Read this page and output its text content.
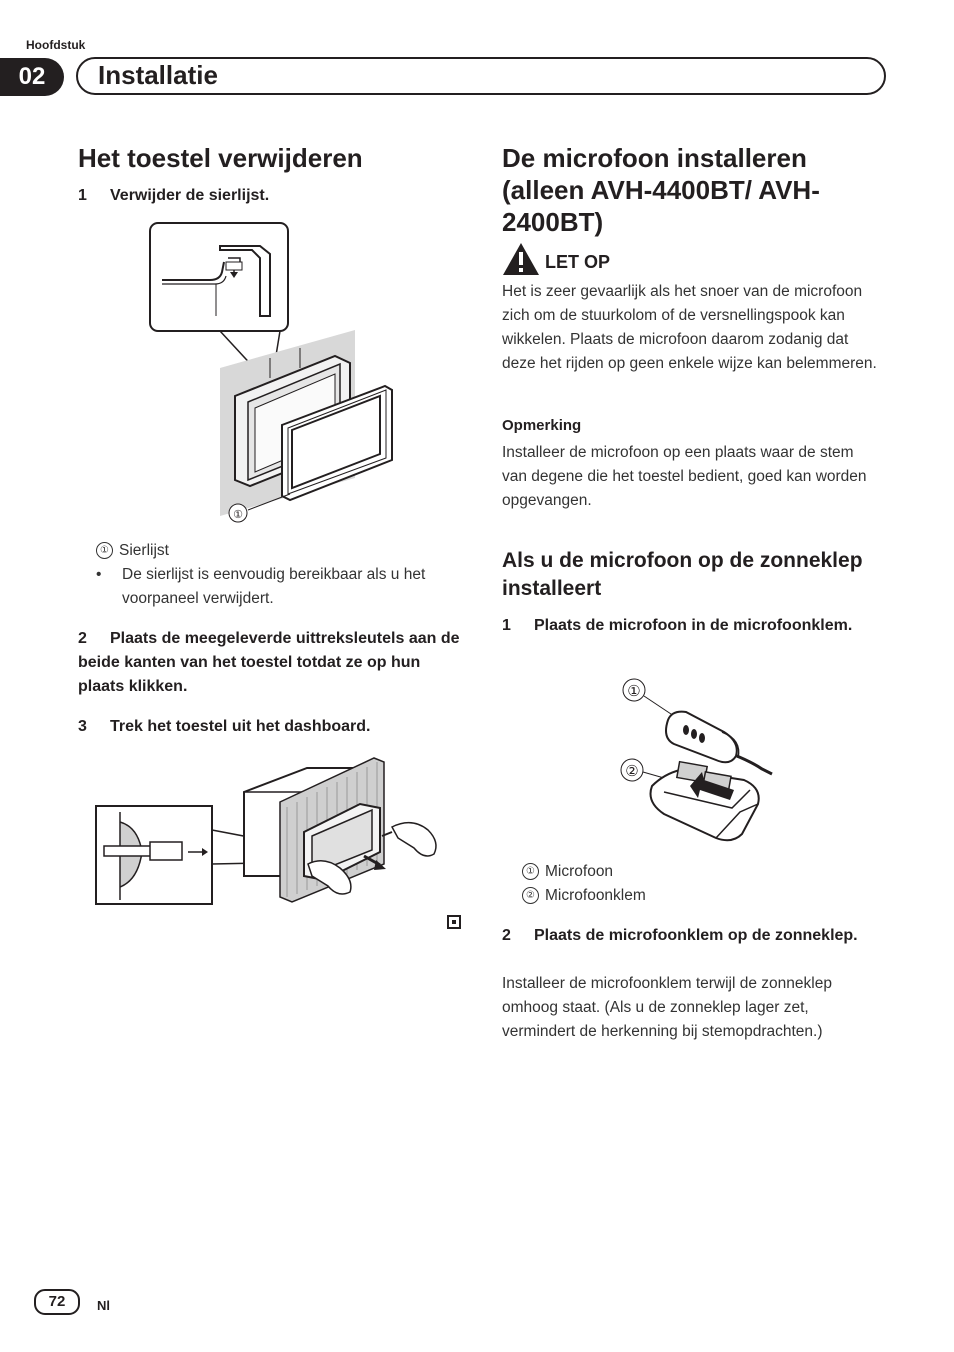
Hoofdstuk
02	Installatie
Het toestel verwijderen
1 Verwijder de sierlijst.
①
① Sierlijst
•	De sierlijst is eenvoudig bereikbaar als u het voorpaneel verwijdert.
2 Plaats de meegeleverde uittreksleutels aan de beide kanten van het toestel totdat ze op hun plaats klikken.
3 Trek het toestel uit het dashboard.
De microfoon installeren (alleen AVH-4400BT/ AVH-2400BT)
LET OP
Het is zeer gevaarlijk als het snoer van de microfoon zich om de stuurkolom of de versnellingspook kan wikkelen. Plaats de microfoon daarom zodanig dat deze het rijden op geen enkele wijze kan belemmeren.
Opmerking
Installeer de microfoon op een plaats waar de stem van degene die het toestel bedient, goed kan worden opgevangen.
Als u de microfoon op de zonneklep installeert
1 Plaats de microfoon in de microfoonklem.
①
②
① Microfoon
② Microfoonklem
2 Plaats de microfoonklem op de zonneklep.
Installeer de microfoonklem terwijl de zonneklep omhoog staat. (Als u de zonneklep lager zet, vermindert de herkenning bij stemopdrachten.)
72	Nl
